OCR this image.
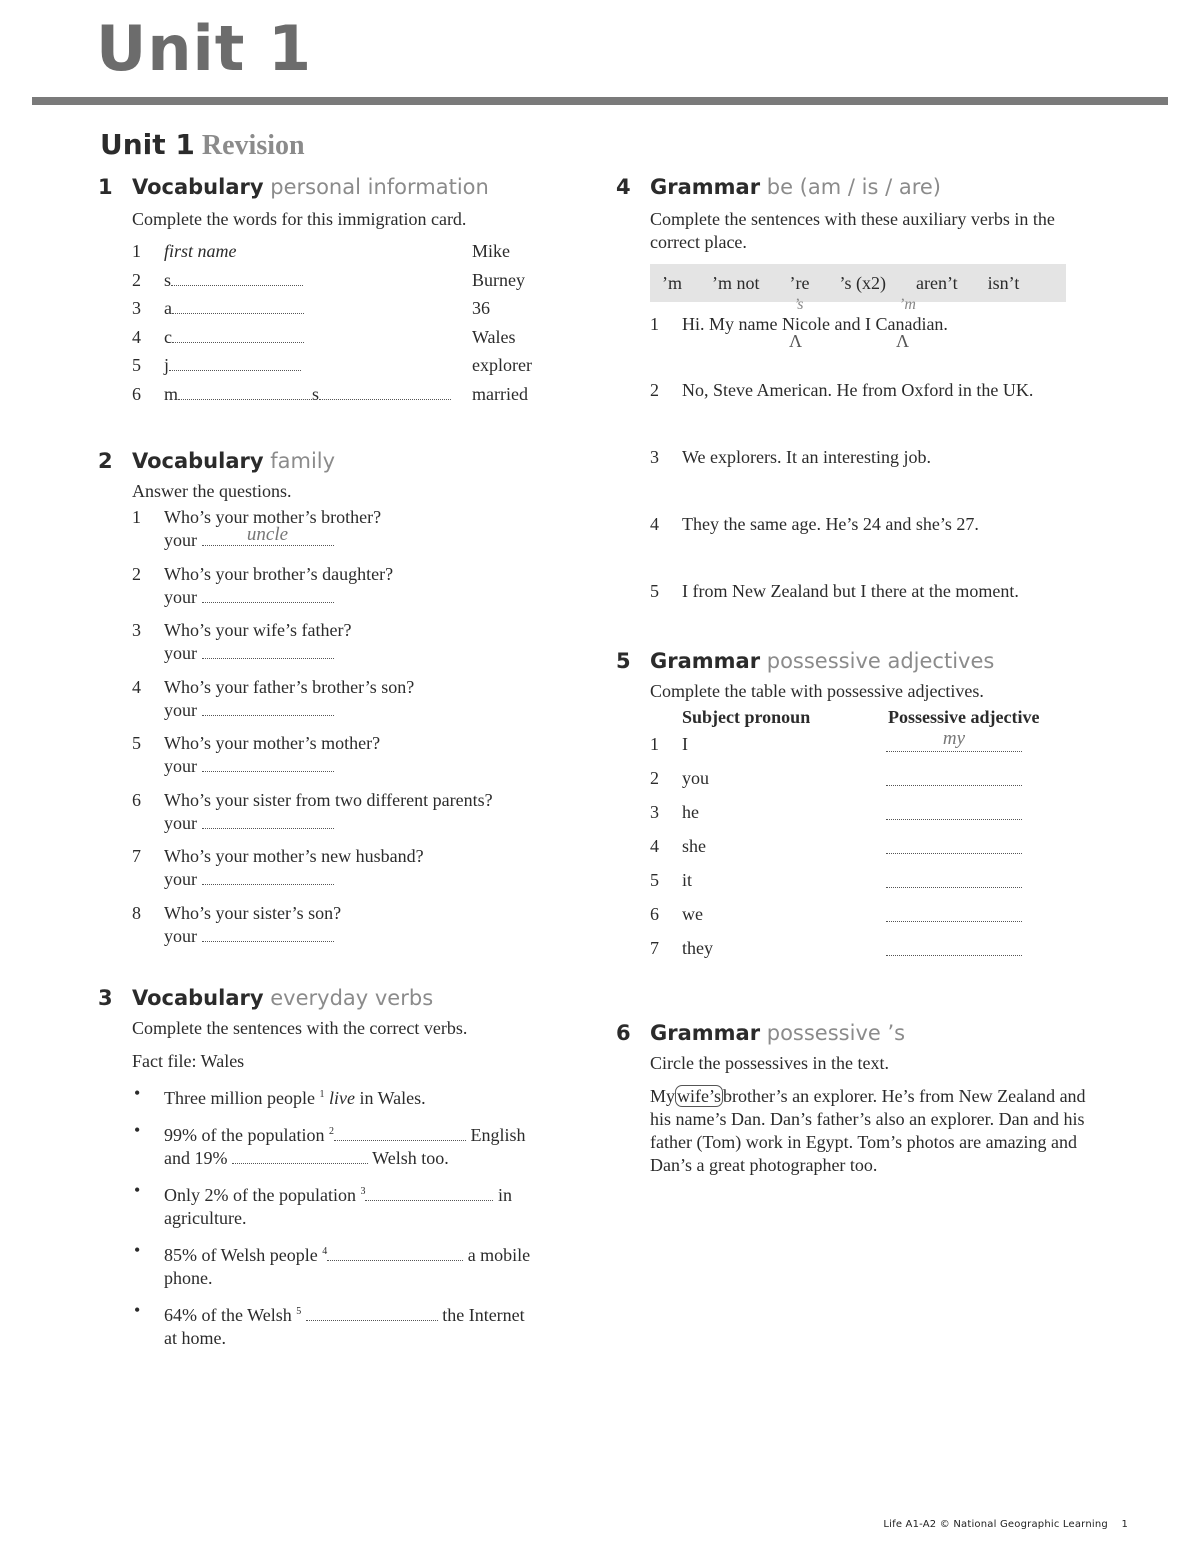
Unit 1
Unit 1 Revision
1 Vocabulary personal information
Complete the words for this immigration card.
1 first name	Mike
2 s	Burney
3 a	36
4 c	Wales
5 j	explorer
6 m	s	married
2 Vocabulary family
Answer the questions.
1 Who’s your mother’s brother?
your	uncle
2 Who’s your brother’s daughter?
your
3 Who’s your wife’s father?
your
4 Who’s your father’s brother’s son?
your
5 Who’s your mother’s mother?
your
6 Who’s your sister from two different parents?
your
7 Who’s your mother’s new husband?
your
8 Who’s your sister’s son?
your
3 Vocabulary everyday verbs
Complete the sentences with the correct verbs.
Fact file: Wales
• Three million people $^1$ live in Wales.
• 99% of the population $^2$	English
and 19%	Welsh too.
• Only 2% of the population $^3$	in
agriculture.
• 85% of Welsh people $^4$	a mobile
phone.
• 64% of the Welsh $^5$	the Internet
at home.
4 Grammar be (am / is / are)
Complete the sentences with these auxiliary verbs in the correct place.
’m ’m not ’re ’s (x2) aren’t isn’t
1 Hi. My name Nicole and I Canadian.
’s
Λ
’m
Λ
2 No, Steve American. He from Oxford in the UK.
3 We explorers. It an interesting job.
4 They the same age. He’s 24 and she’s 27.
5 I from New Zealand but I there at the moment.
5 Grammar possessive adjectives
Complete the table with possessive adjectives.
Subject pronoun	Possessive adjective
1 I	my
2 you
3 he
4 she
5 it
6 we
7 they
6 Grammar possessive ’s
Circle the possessives in the text.
My wife’s brother’s an explorer. He’s from New Zealand and his name’s Dan. Dan’s father’s also an explorer. Dan and his father (Tom) work in Egypt. Tom’s photos are amazing and Dan’s a great photographer too.
Life A1-A2 © National Geographic Learning 1
